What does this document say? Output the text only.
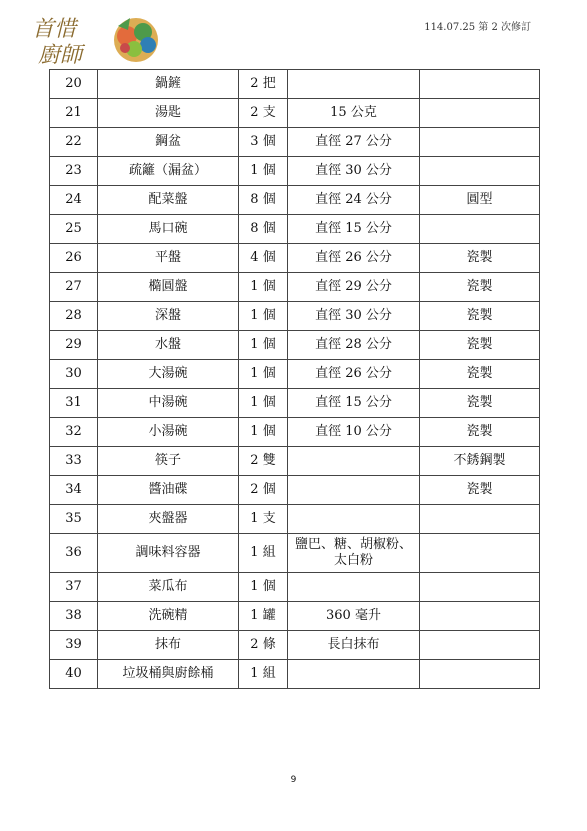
首惜
廚師
114.07.25 第 2 次修訂
20	鍋鏟	2 把		
21	湯匙	2 支	15 公克	
22	鋼盆	3 個	直徑 27 公分	
23	疏籬（漏盆）	1 個	直徑 30 公分	
24	配菜盤	8 個	直徑 24 公分	圓型
25	馬口碗	8 個	直徑 15 公分	
26	平盤	4 個	直徑 26 公分	瓷製
27	橢圓盤	1 個	直徑 29 公分	瓷製
28	深盤	1 個	直徑 30 公分	瓷製
29	水盤	1 個	直徑 28 公分	瓷製
30	大湯碗	1 個	直徑 26 公分	瓷製
31	中湯碗	1 個	直徑 15 公分	瓷製
32	小湯碗	1 個	直徑 10 公分	瓷製
33	筷子	2 雙		不銹鋼製
34	醬油碟	2 個		瓷製
35	夾盤器	1 支		
36	調味料容器	1 組	鹽巴、糖、胡椒粉、太白粉	
37	菜瓜布	1 個		
38	洗碗精	1 罐	360 毫升	
39	抹布	2 條	長白抹布	
40	垃圾桶與廚餘桶	1 組		
9
